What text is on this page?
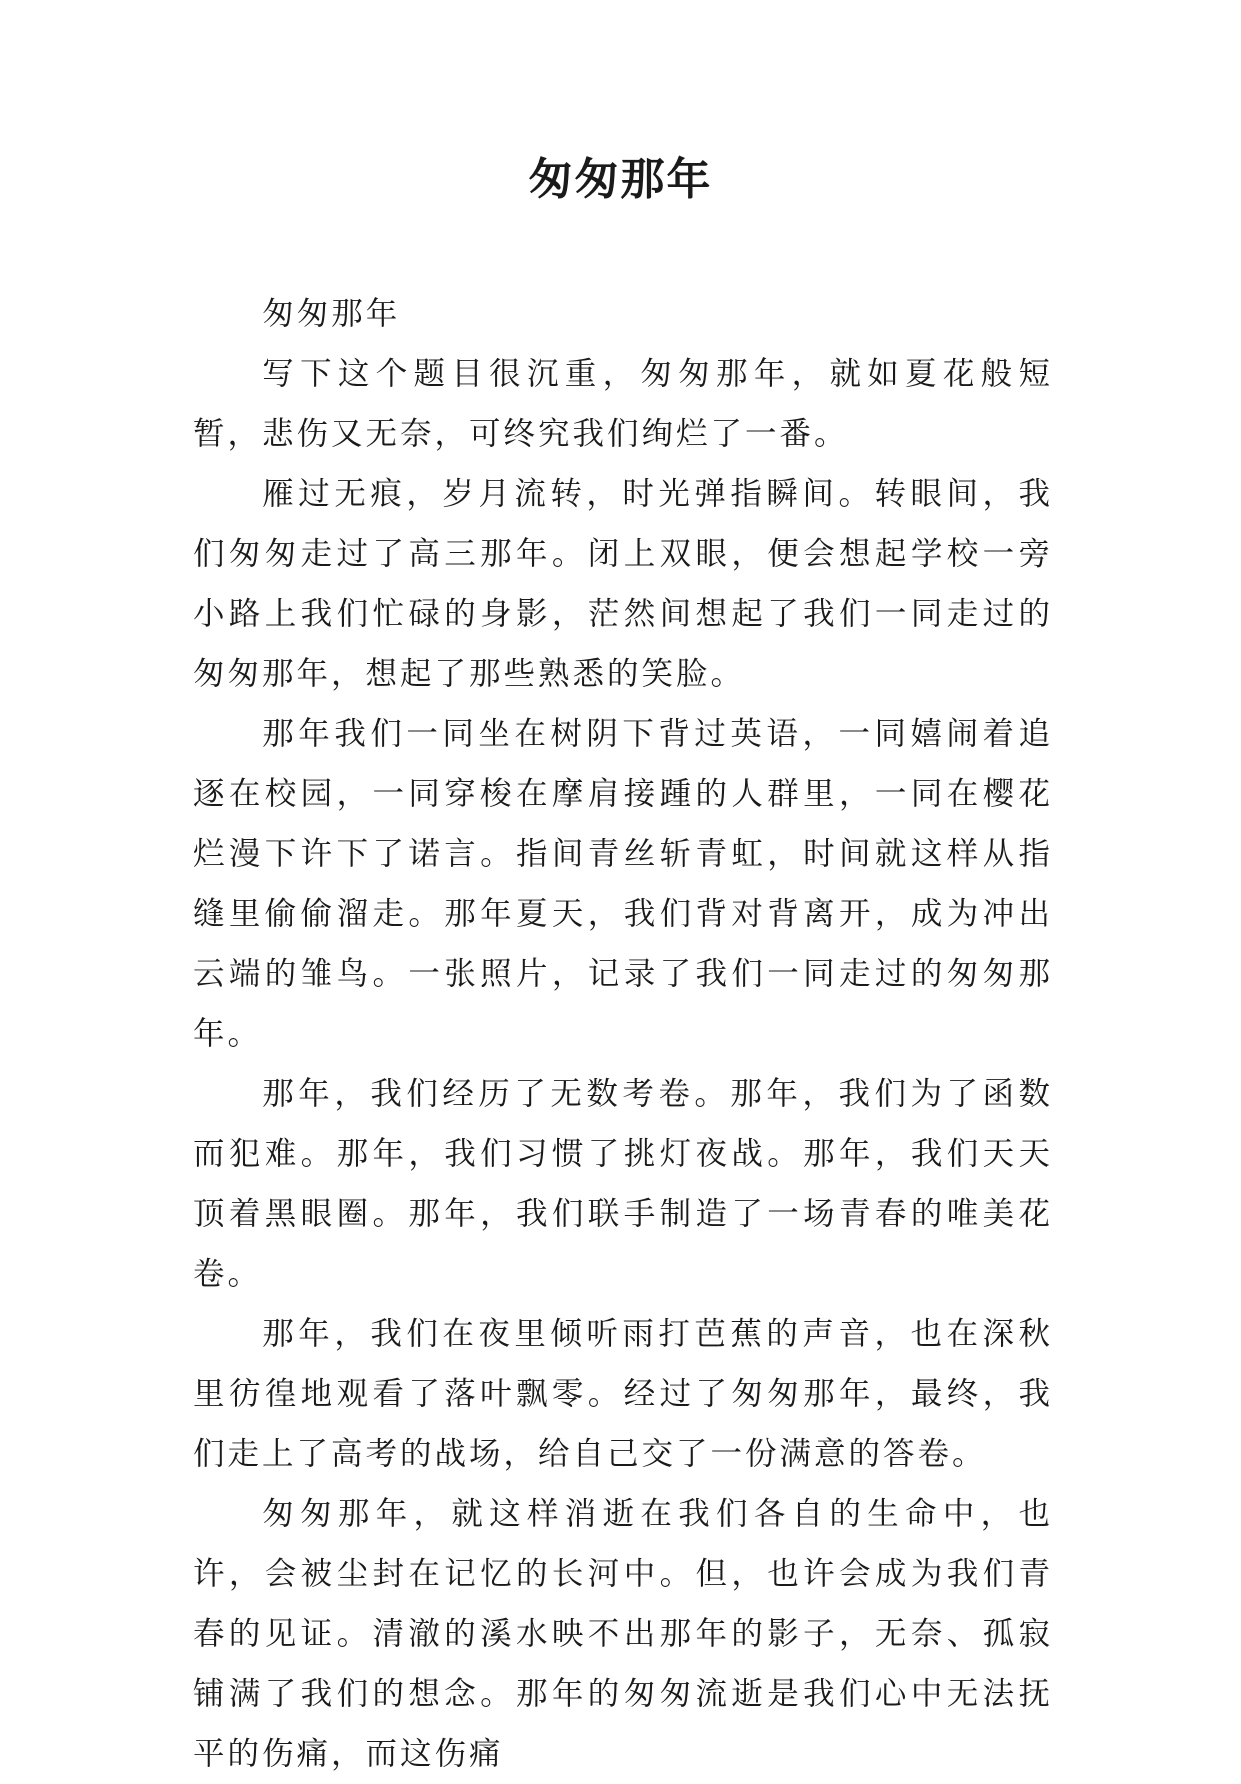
匆匆那年

匆匆那年

写下这个题目很沉重，匆匆那年，就如夏花般短暂，悲伤又无奈，可终究我们绚烂了一番。

雁过无痕，岁月流转，时光弹指瞬间。转眼间，我们匆匆走过了高三那年。闭上双眼，便会想起学校一旁小路上我们忙碌的身影，茫然间想起了我们一同走过的匆匆那年，想起了那些熟悉的笑脸。

那年我们一同坐在树阴下背过英语，一同嬉闹着追逐在校园，一同穿梭在摩肩接踵的人群里，一同在樱花烂漫下许下了诺言。指间青丝斩青虹，时间就这样从指缝里偷偷溜走。那年夏天，我们背对背离开，成为冲出云端的雏鸟。一张照片，记录了我们一同走过的匆匆那年。

那年，我们经历了无数考卷。那年，我们为了函数而犯难。那年，我们习惯了挑灯夜战。那年，我们天天顶着黑眼圈。那年，我们联手制造了一场青春的唯美花卷。

那年，我们在夜里倾听雨打芭蕉的声音，也在深秋里彷徨地观看了落叶飘零。经过了匆匆那年，最终，我们走上了高考的战场，给自己交了一份满意的答卷。

匆匆那年，就这样消逝在我们各自的生命中，也许，会被尘封在记忆的长河中。但，也许会成为我们青春的见证。清澈的溪水映不出那年的影子，无奈、孤寂铺满了我们的想念。那年的匆匆流逝是我们心中无法抚平的伤痛，而这伤痛
